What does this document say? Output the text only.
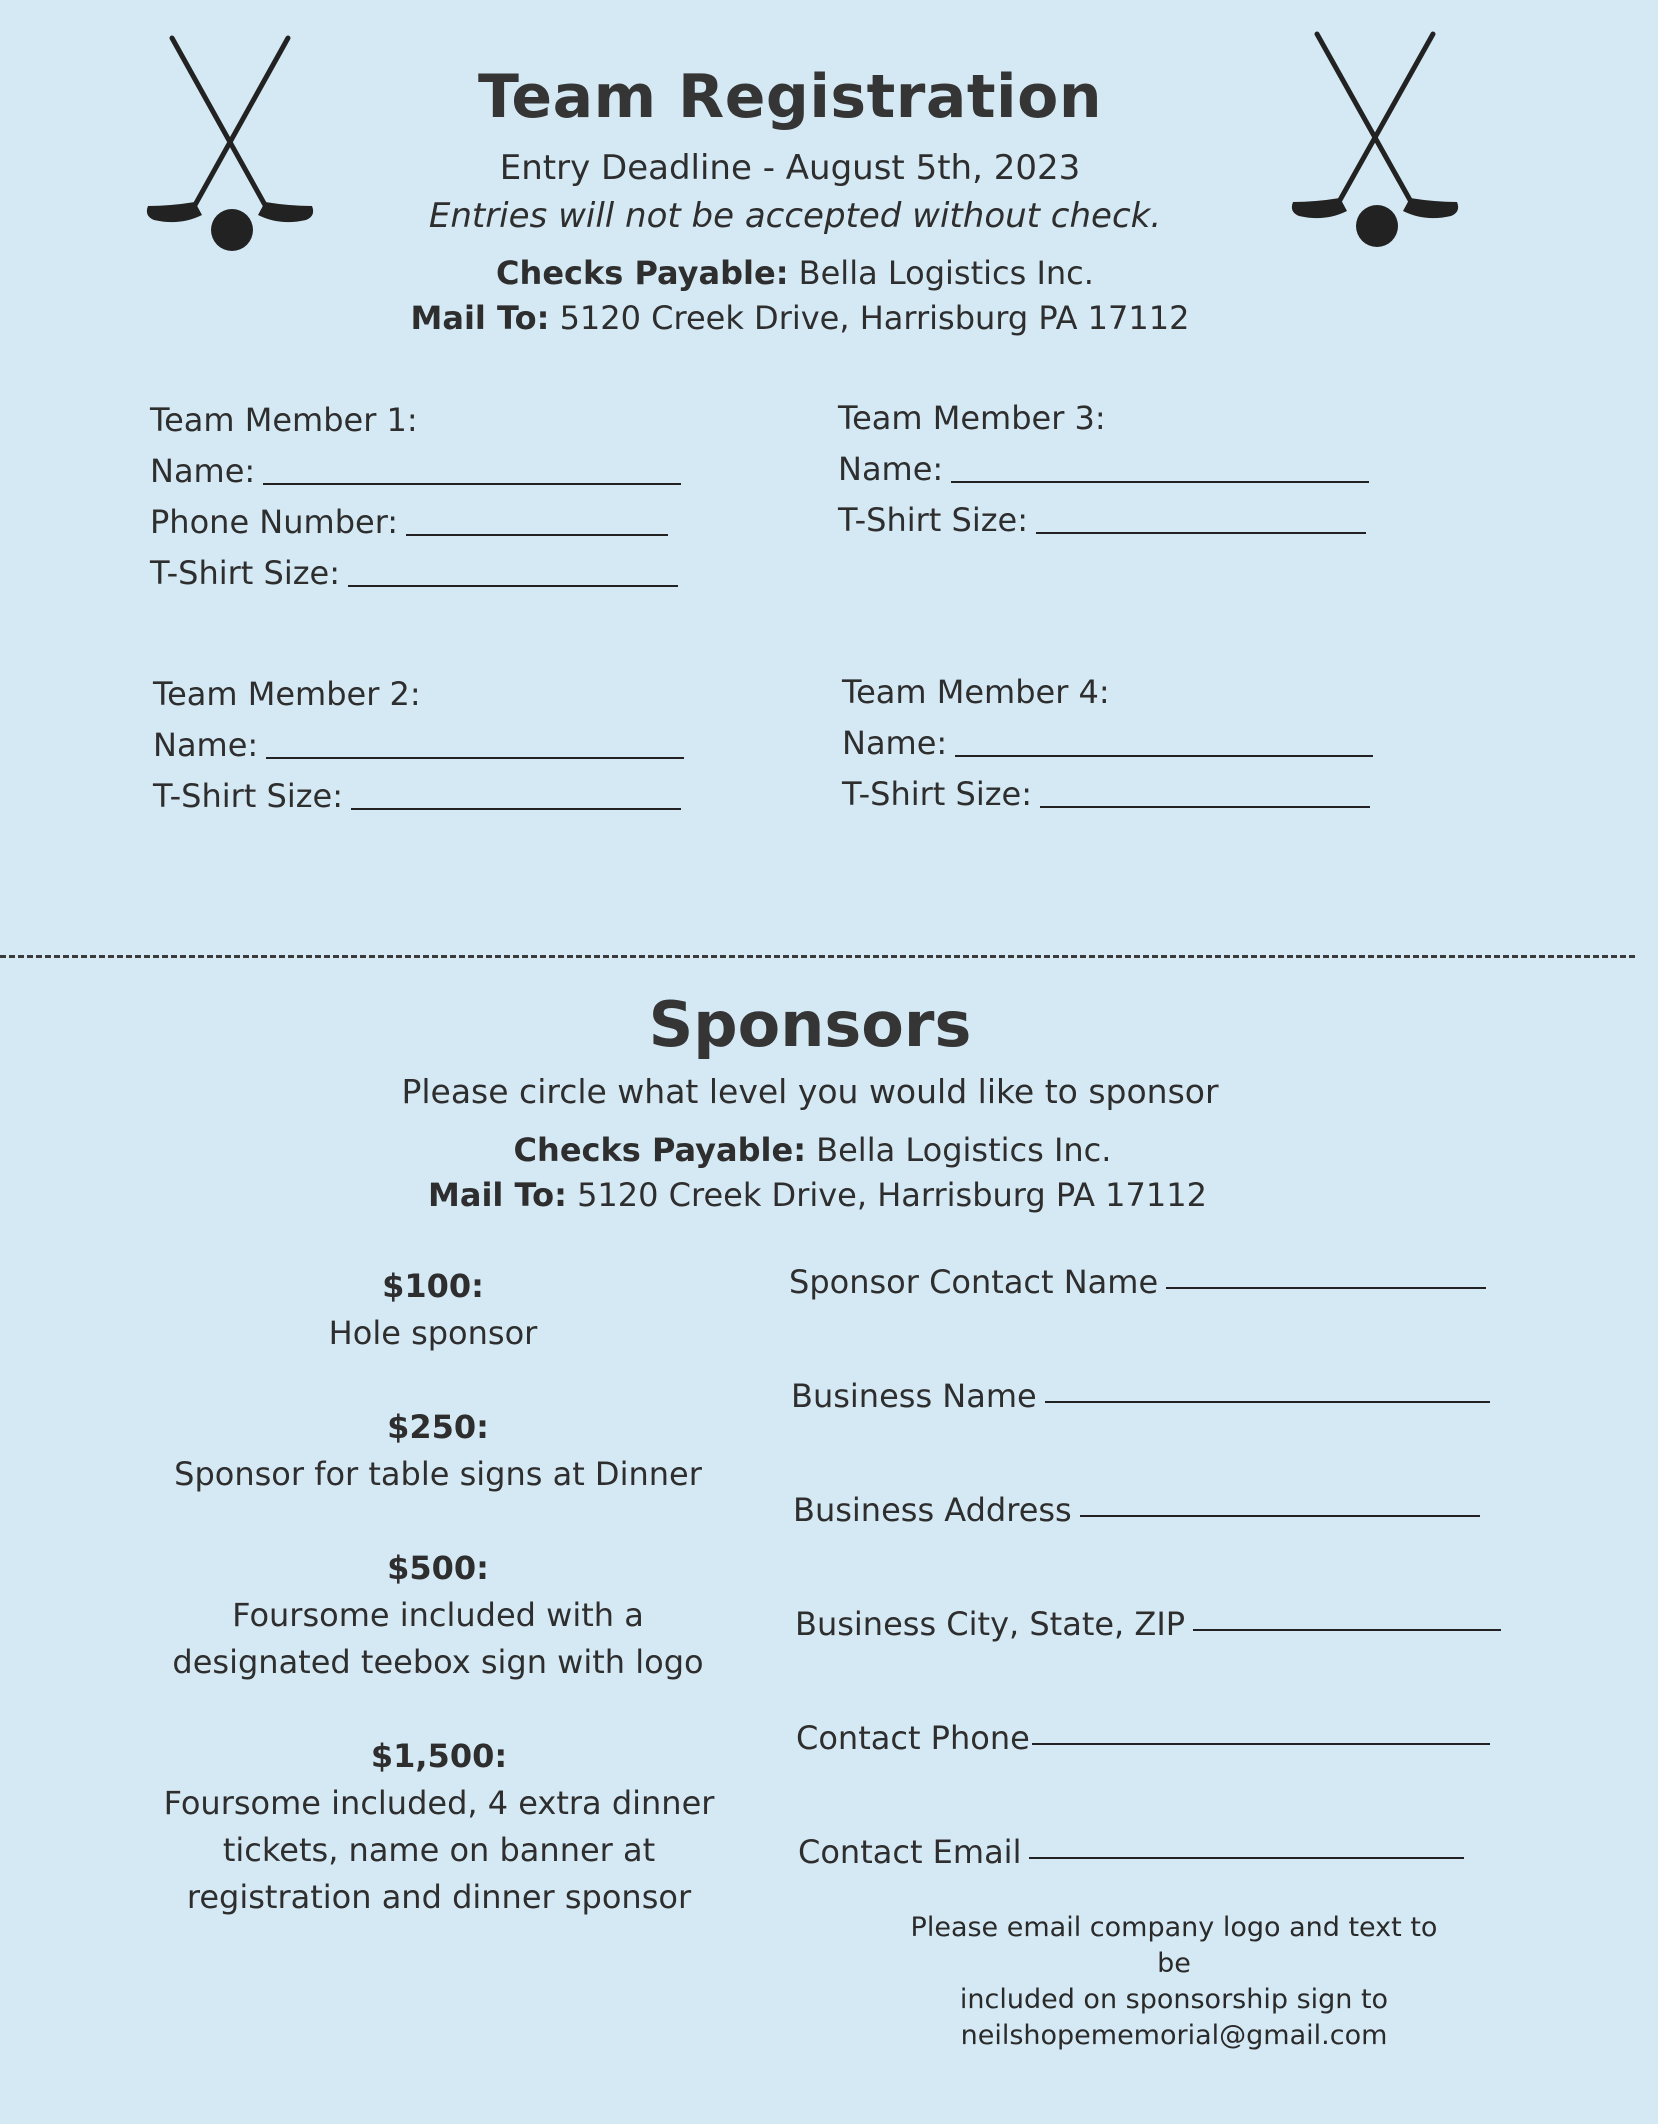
Team Registration
Entry Deadline - August 5th, 2023
Entries will not be accepted without check.
Checks Payable: Bella Logistics Inc.
Mail To: 5120 Creek Drive, Harrisburg PA 17112
Team Member 1:
Name:
Phone Number:
T-Shirt Size:
Team Member 2:
Name:
T-Shirt Size:
Team Member 3:
Name:
T-Shirt Size:
Team Member 4:
Name:
T-Shirt Size:
Sponsors
Please circle what level you would like to sponsor
Checks Payable: Bella Logistics Inc.
Mail To: 5120 Creek Drive, Harrisburg PA 17112
$100:
Hole sponsor
$250:
Sponsor for table signs at Dinner
$500:
Foursome included with a
designated teebox sign with logo
$1,500:
Foursome included, 4 extra dinner
tickets, name on banner at
registration and dinner sponsor
Sponsor Contact Name
Business Name
Business Address
Business City, State, ZIP
Contact Phone
Contact Email
Please email company logo and text to be
included on sponsorship sign to
neilshopememorial@gmail.com
